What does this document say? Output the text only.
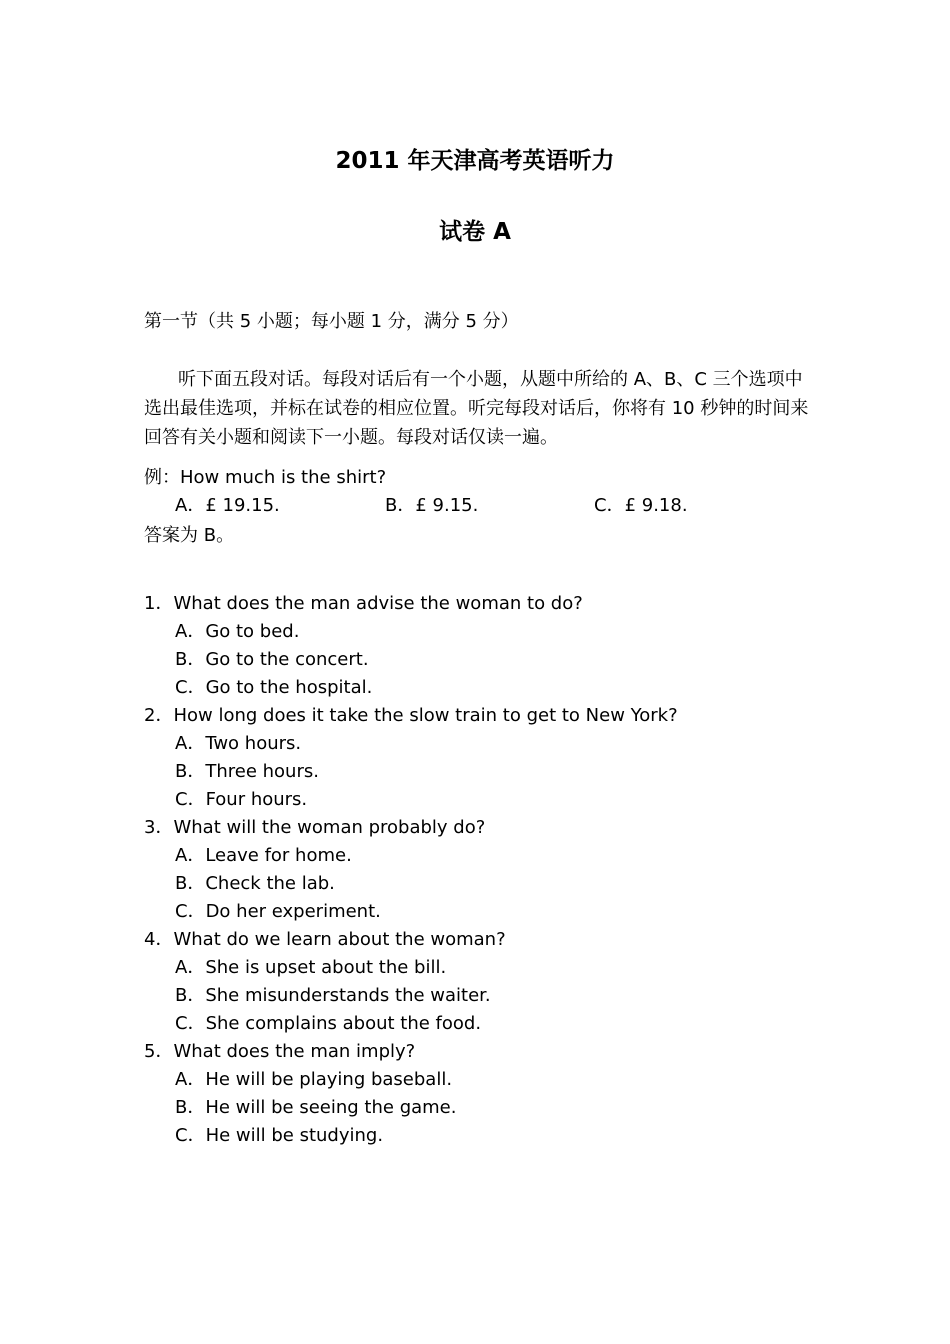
2011 年天津高考英语听力
试卷 A
第一节（共 5 小题；每小题 1 分，满分 5 分）
听下面五段对话。每段对话后有一个小题，从题中所给的 A、B、C 三个选项中选出最佳选项，并标在试卷的相应位置。听完每段对话后，你将有 10 秒钟的时间来回答有关小题和阅读下一小题。每段对话仅读一遍。
例：How much is the shirt?
A．£ 19.15.	B．£ 9.15.	C．£ 9.18.
答案为 B。
1．What does the man advise the woman to do?
A．Go to bed.
B．Go to the concert.
C．Go to the hospital.
2．How long does it take the slow train to get to New York?
A．Two hours.
B．Three hours.
C．Four hours.
3．What will the woman probably do?
A．Leave for home.
B．Check the lab.
C．Do her experiment.
4．What do we learn about the woman?
A．She is upset about the bill.
B．She misunderstands the waiter.
C．She complains about the food.
5．What does the man imply?
A．He will be playing baseball.
B．He will be seeing the game.
C．He will be studying.
